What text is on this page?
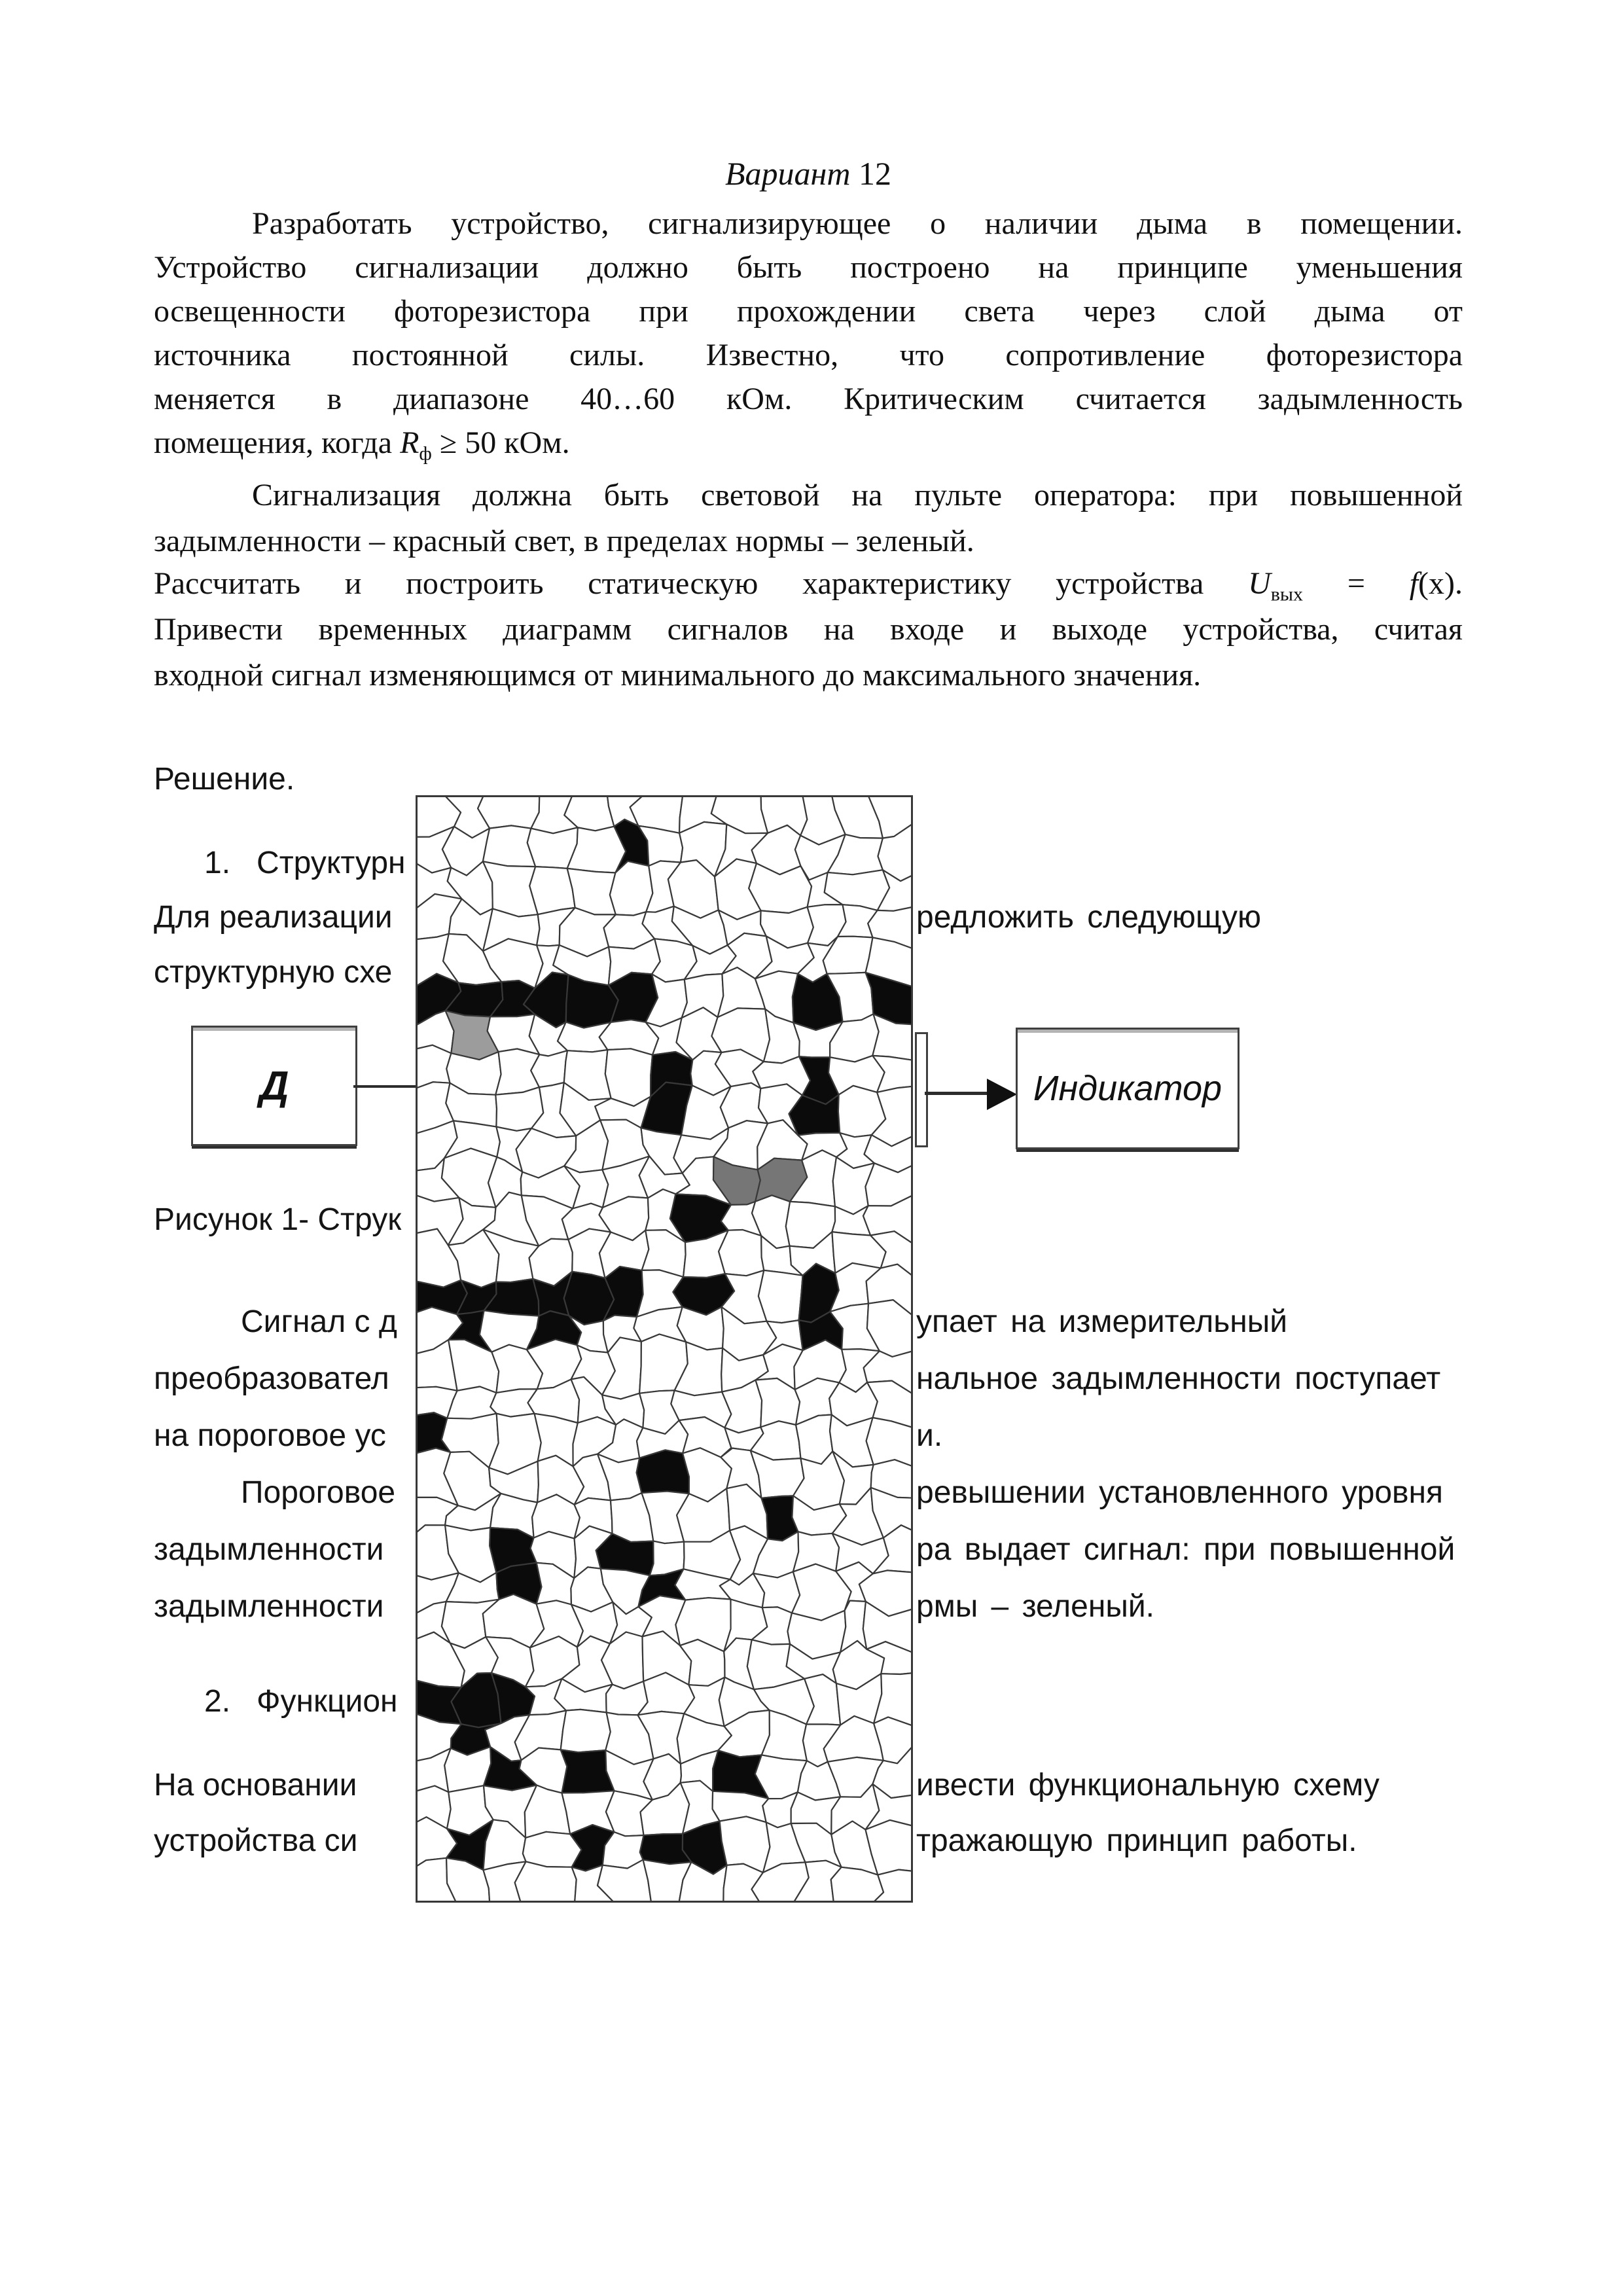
Вариант 12
Разработать устройство, сигнализирующее о наличии дыма в помещении.
Устройство сигнализации должно быть построено на принципе уменьшения
освещенности фоторезистора при прохождении света через слой дыма от
источника постоянной силы. Известно, что сопротивление фоторезистора
меняется в диапазоне 40…60 кОм. Критическим считается задымленность
помещения, когда $R_ф \ge 50$ кОм.
Сигнализация должна быть световой на пульте оператора: при повышенной
задымленности – красный свет, в пределах нормы – зеленый.
Рассчитать и построить статическую характеристику устройства $U_{вых} = f(x)$.
Привести временных диаграмм сигналов на входе и выходе устройства, считая
входной сигнал изменяющимся от минимального до максимального значения.
Решение.
1. Структурн
Для реализации	редложить следующую
структурную схе
Д	Индикатор
Рисунок 1- Струк
Сигнал с д	упает на измерительный
преобразовател	нальное задымленности поступает
на пороговое ус	и.
Пороговое	ревышении установленного уровня
задымленности	ра выдает сигнал: при повышенной
задымленности	рмы – зеленый.
2. Функцион
На основании	ивести функциональную схему
устройства си	тражающую принцип работы.
